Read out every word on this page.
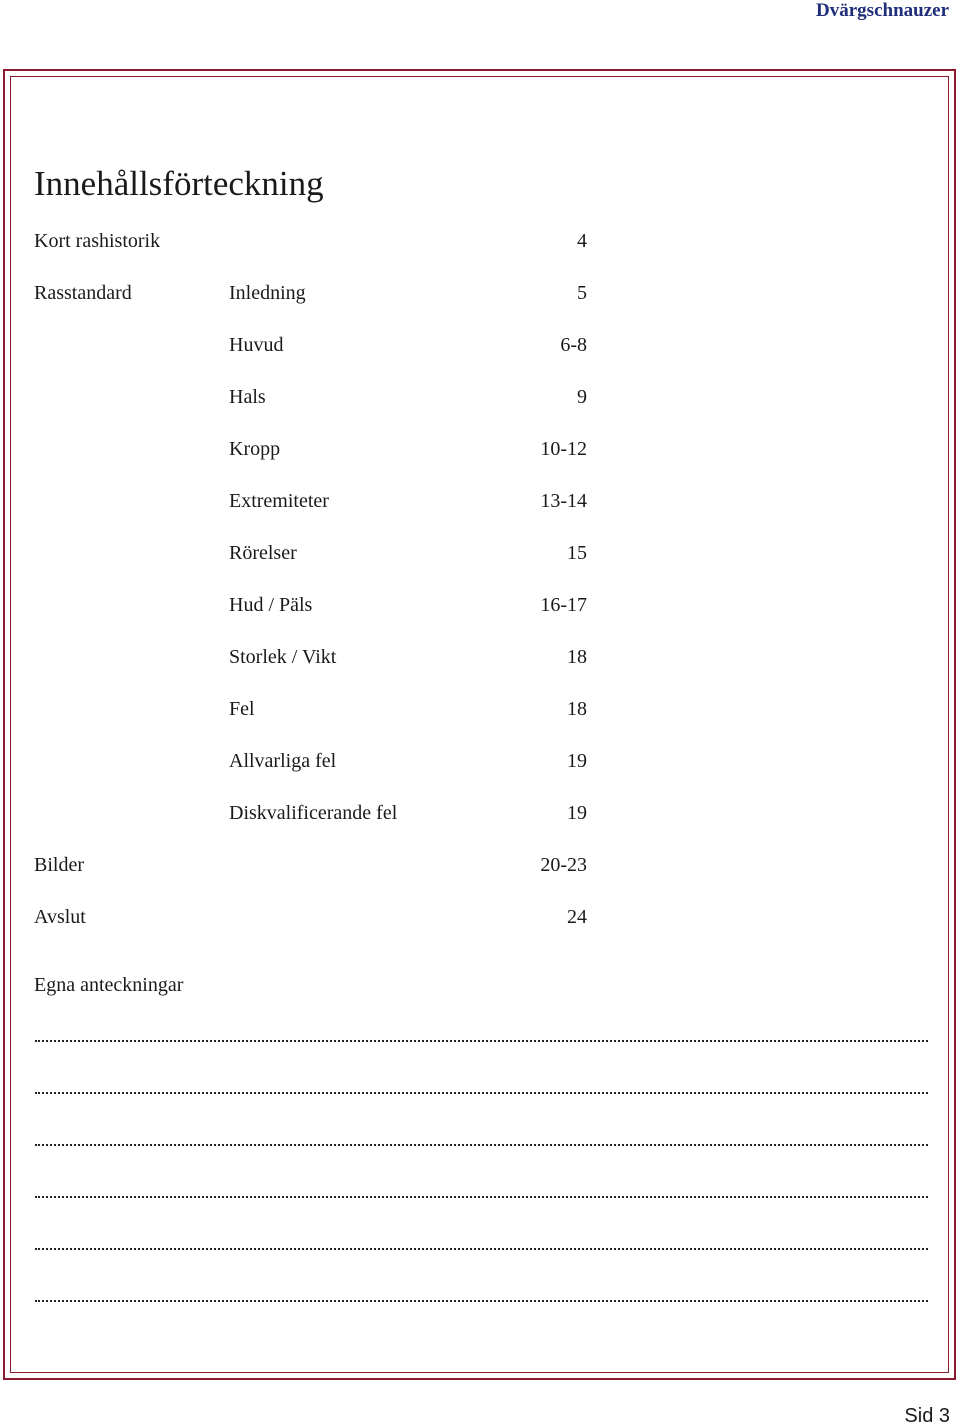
Dvärgschnauzer
Innehållsförteckning
Kort rashistorik	4
Rasstandard	Inledning	5
Huvud	6-8
Hals	9
Kropp	10-12
Extremiteter	13-14
Rörelser	15
Hud / Päls	16-17
Storlek / Vikt	18
Fel	18
Allvarliga fel	19
Diskvalificerande fel	19
Bilder	20-23
Avslut	24
Egna anteckningar
Sid 3
